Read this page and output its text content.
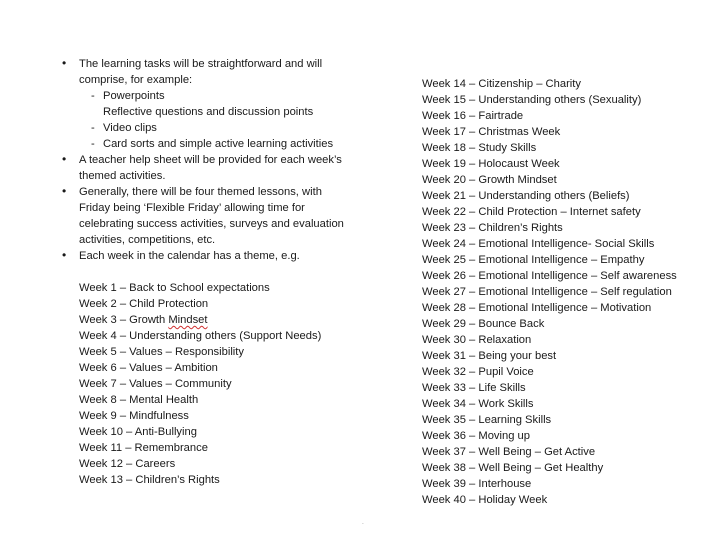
• The learning tasks will be straightforward and will
comprise, for example:
- Powerpoints
Reflective questions and discussion points
- Video clips
- Card sorts and simple active learning activities
• A teacher help sheet will be provided for each week’s
themed activities.
• Generally, there will be four themed lessons, with
Friday being ‘Flexible Friday’ allowing time for
celebrating success activities, surveys and evaluation
activities, competitions, etc.
• Each week in the calendar has a theme, e.g.
Week 1 – Back to School expectations
Week 2 – Child Protection
Week 3 – Growth Mindset
Week 4 – Understanding others (Support Needs)
Week 5 – Values – Responsibility
Week 6 – Values – Ambition
Week 7 – Values – Community
Week 8 – Mental Health
Week 9 – Mindfulness
Week 10 – Anti-Bullying
Week 11 – Remembrance
Week 12 – Careers
Week 13 – Children’s Rights
Week 14 – Citizenship – Charity
Week 15 – Understanding others (Sexuality)
Week 16 – Fairtrade
Week 17 – Christmas Week
Week 18 – Study Skills
Week 19 – Holocaust Week
Week 20 – Growth Mindset
Week 21 – Understanding others (Beliefs)
Week 22 – Child Protection – Internet safety
Week 23 – Children’s Rights
Week 24 – Emotional Intelligence- Social Skills
Week 25 – Emotional Intelligence – Empathy
Week 26 – Emotional Intelligence – Self awareness
Week 27 – Emotional Intelligence – Self regulation
Week 28 – Emotional Intelligence – Motivation
Week 29 – Bounce Back
Week 30 – Relaxation
Week 31 – Being your best
Week 32 – Pupil Voice
Week 33 – Life Skills
Week 34 – Work Skills
Week 35 – Learning Skills
Week 36 – Moving up
Week 37 – Well Being – Get Active
Week 38 – Well Being – Get Healthy
Week 39 – Interhouse
Week 40 – Holiday Week
-
